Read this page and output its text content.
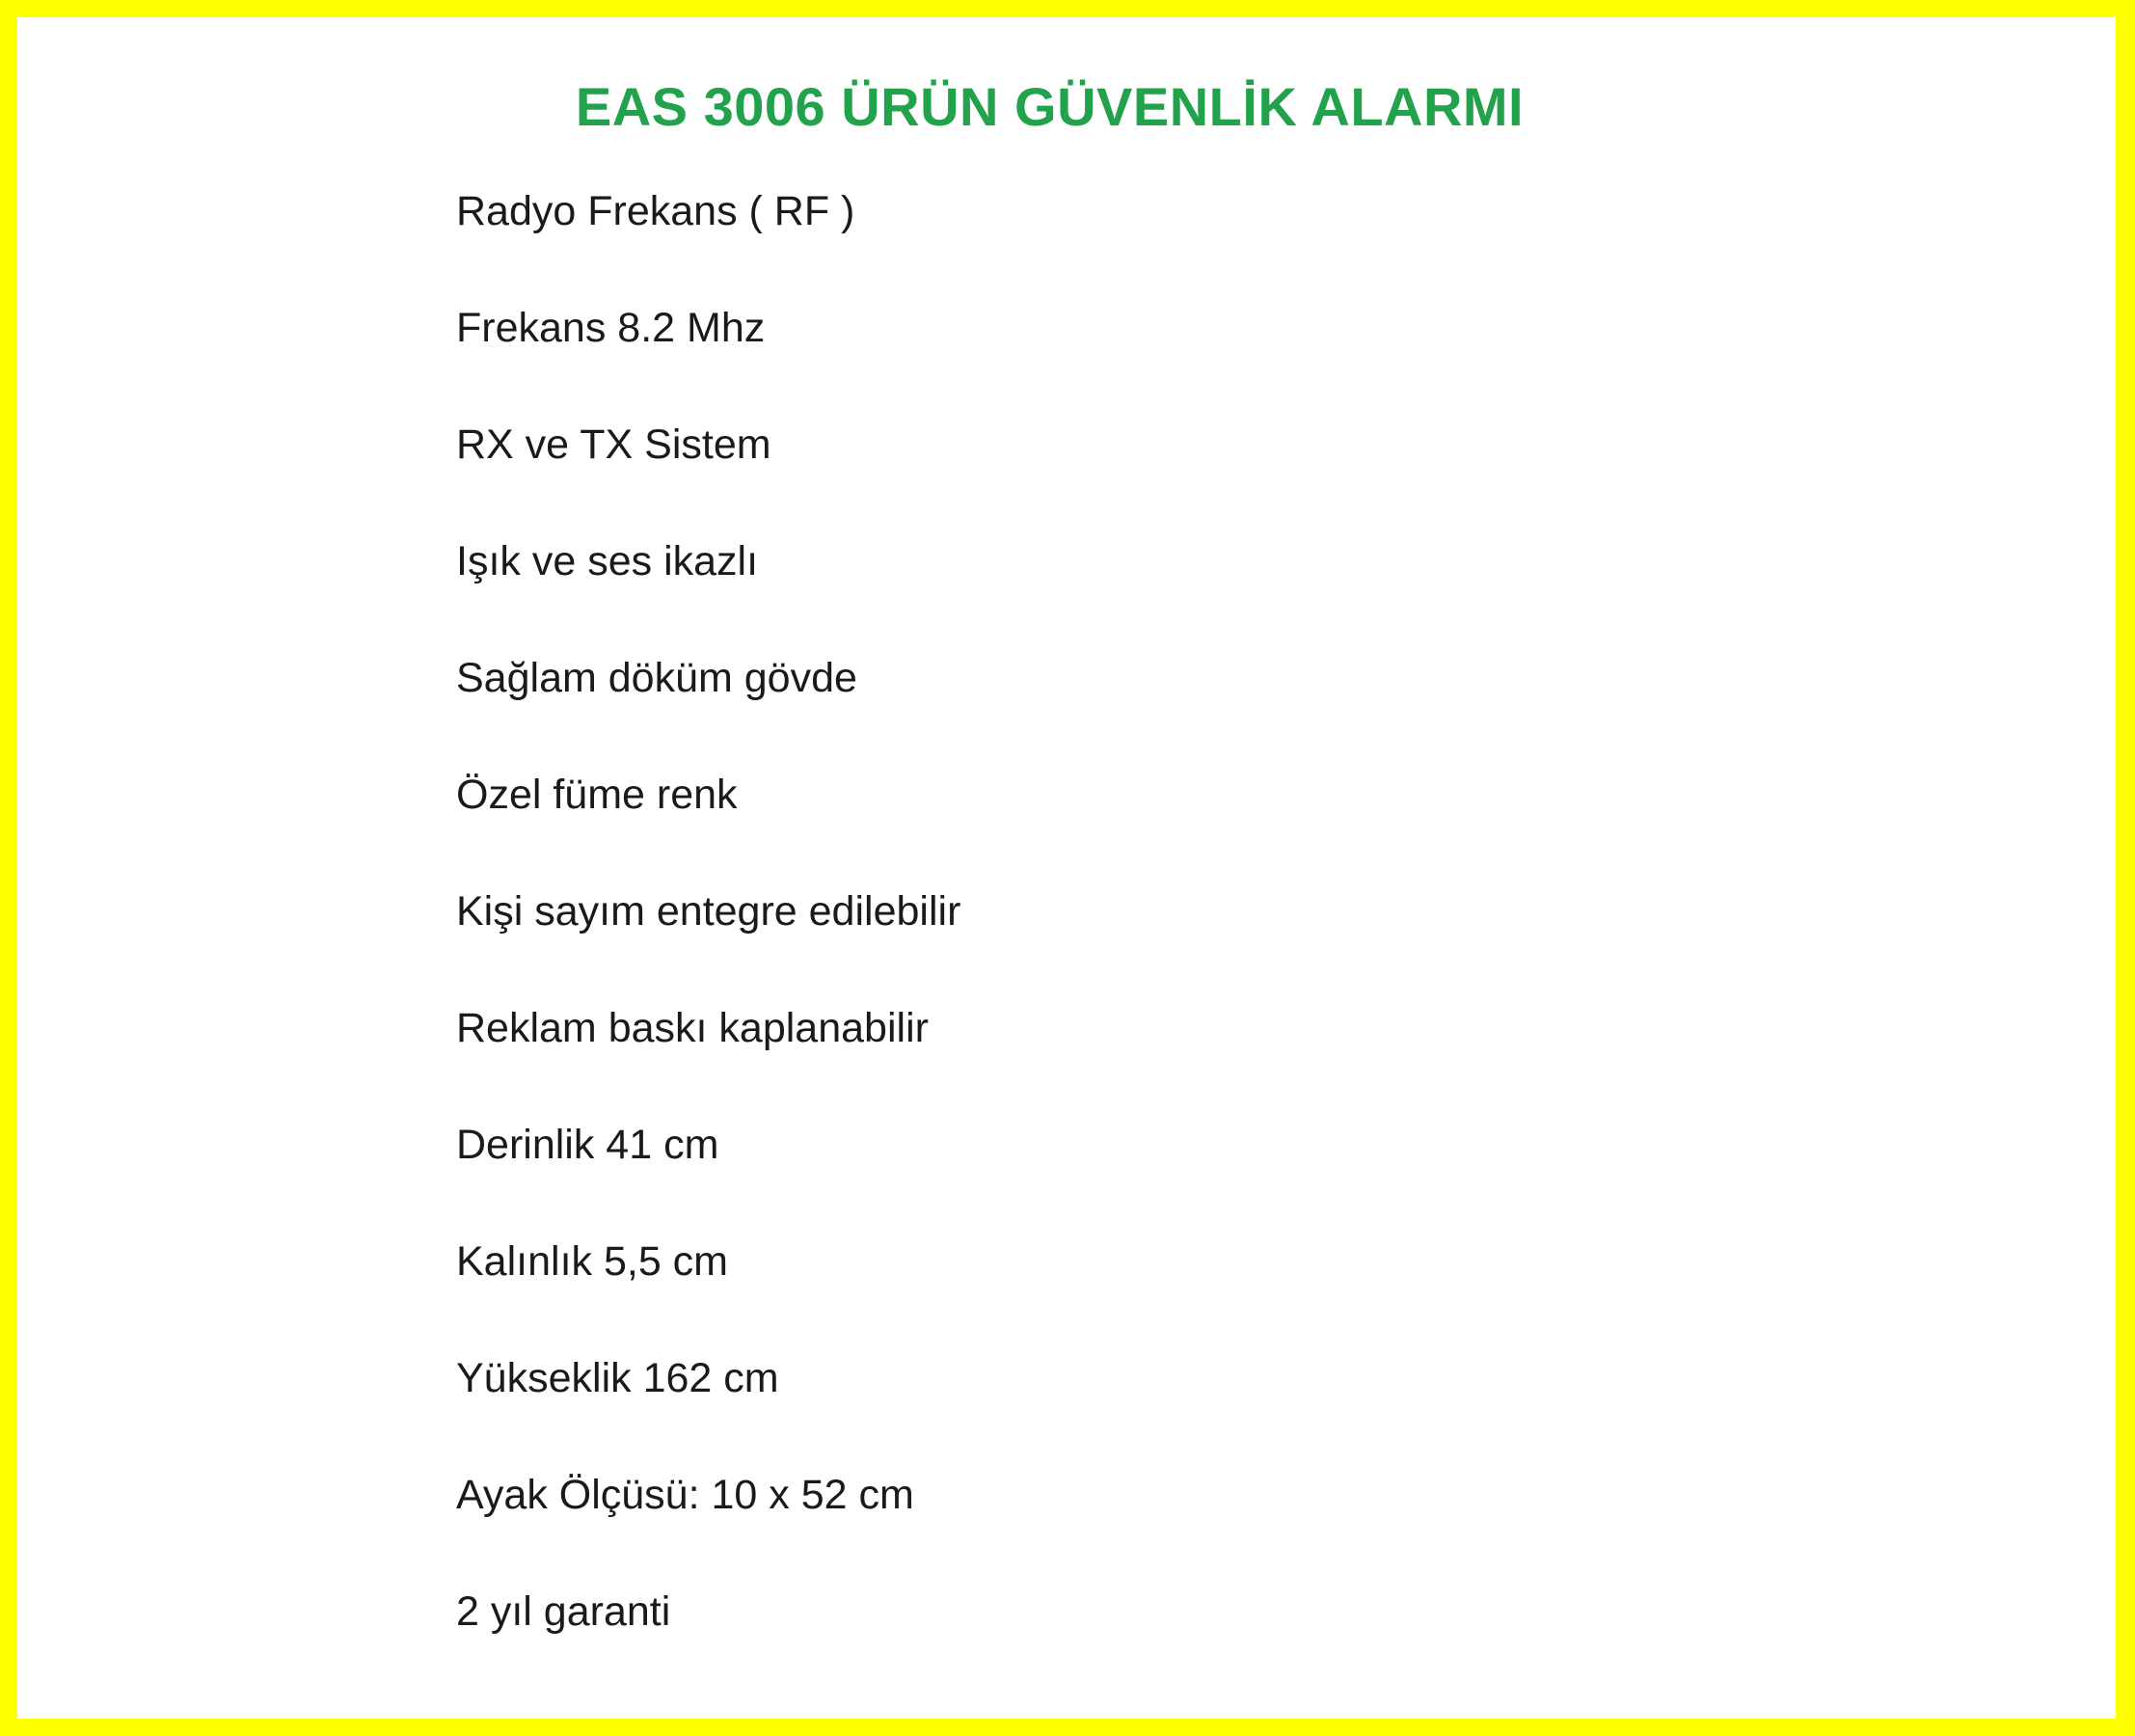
EAS 3006 ÜRÜN GÜVENLİK ALARMI
Radyo Frekans ( RF )
Frekans 8.2 Mhz
RX ve TX Sistem
Işık ve ses ikazlı
Sağlam döküm gövde
Özel füme renk
Kişi sayım entegre edilebilir
Reklam baskı kaplanabilir
Derinlik 41 cm
Kalınlık 5,5 cm
Yükseklik 162 cm
Ayak Ölçüsü: 10 x 52 cm
2 yıl garanti
